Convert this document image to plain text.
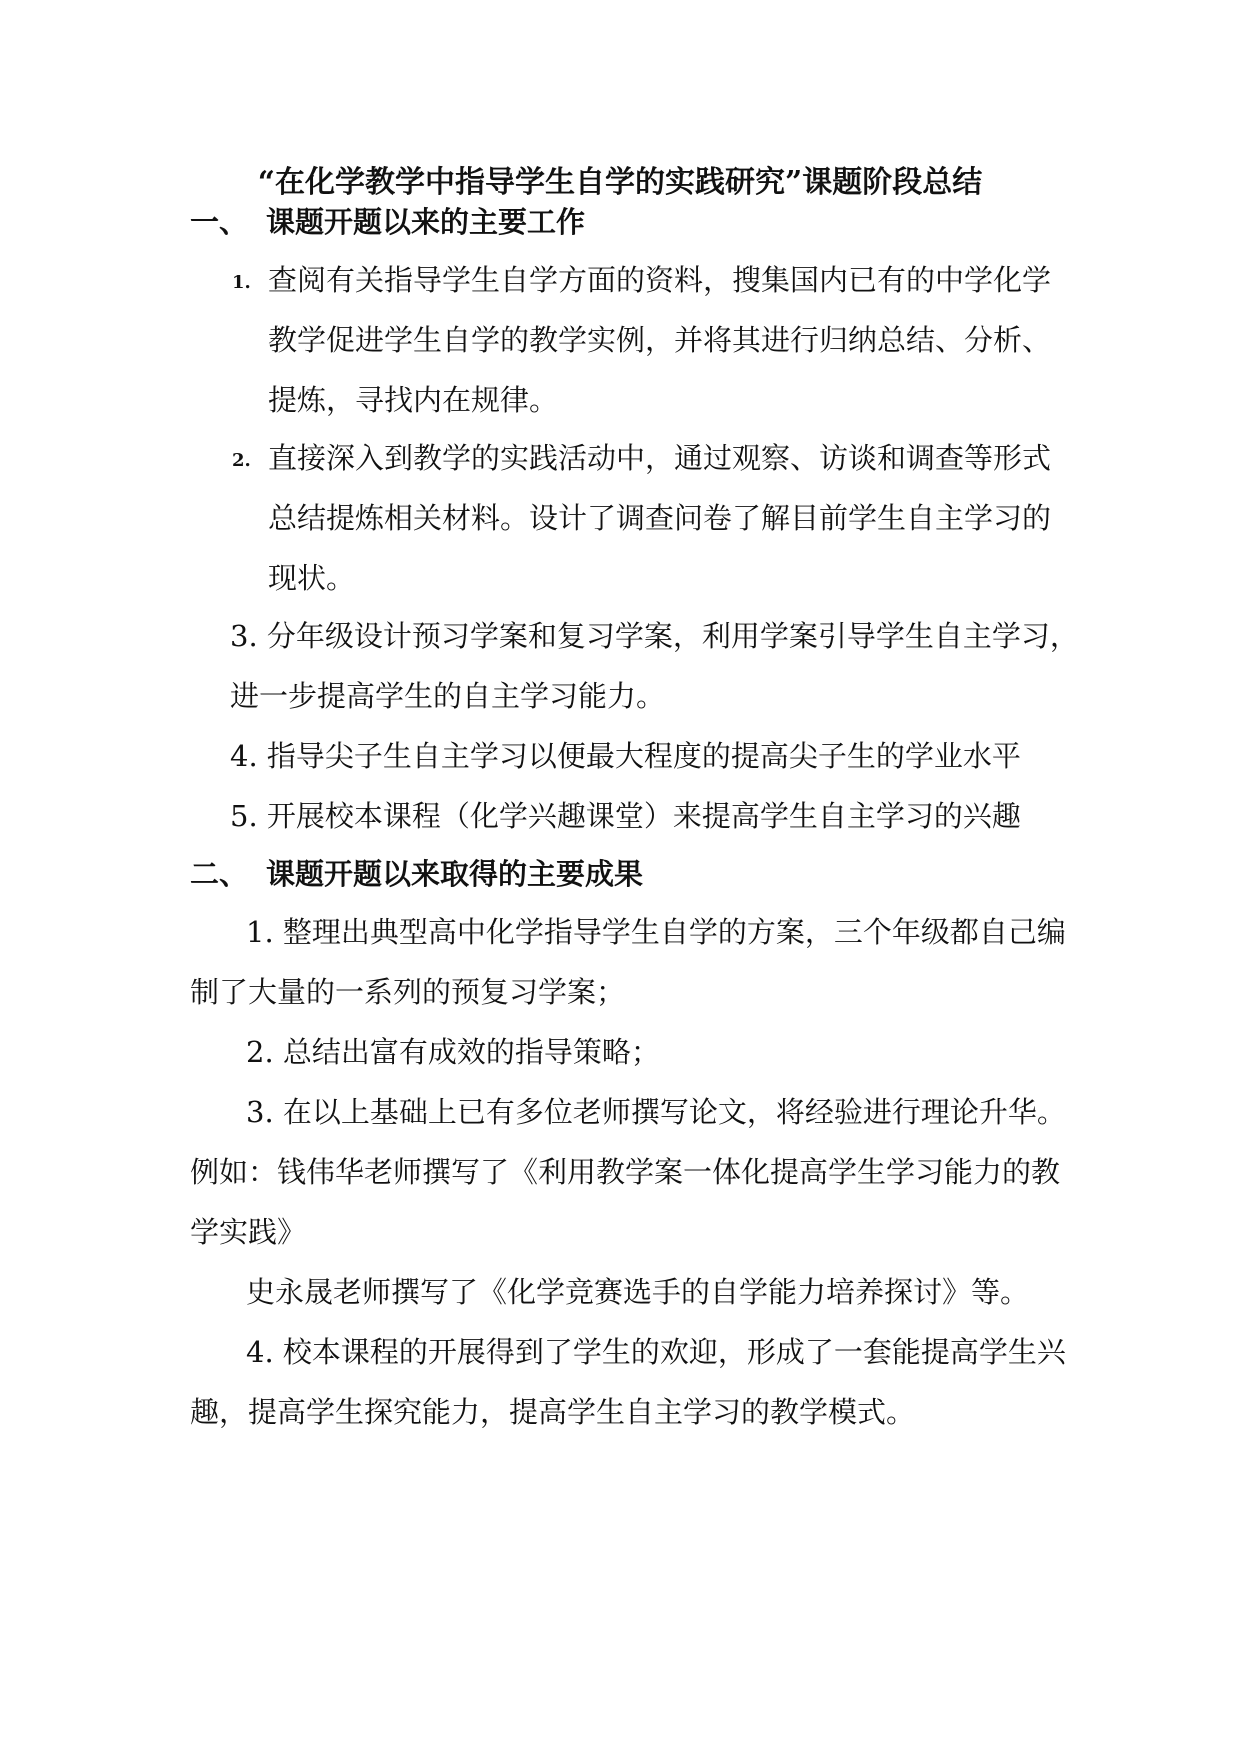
“在化学教学中指导学生自学的实践研究”课题阶段总结
一、 课题开题以来的主要工作
1. 查阅有关指导学生自学方面的资料，搜集国内已有的中学化学
教学促进学生自学的教学实例，并将其进行归纳总结、分析、
提炼，寻找内在规律。
2. 直接深入到教学的实践活动中，通过观察、访谈和调查等形式
总结提炼相关材料。设计了调查问卷了解目前学生自主学习的
现状。
3. 分年级设计预习学案和复习学案，利用学案引导学生自主学习，
进一步提高学生的自主学习能力。
4. 指导尖子生自主学习以便最大程度的提高尖子生的学业水平
5. 开展校本课程（化学兴趣课堂）来提高学生自主学习的兴趣
二、 课题开题以来取得的主要成果
1. 整理出典型高中化学指导学生自学的方案，三个年级都自己编
制了大量的一系列的预复习学案；
2. 总结出富有成效的指导策略；
3. 在以上基础上已有多位老师撰写论文，将经验进行理论升华。
例如：钱伟华老师撰写了《利用教学案一体化提高学生学习能力的教
学实践》
史永晟老师撰写了《化学竞赛选手的自学能力培养探讨》等。
4. 校本课程的开展得到了学生的欢迎，形成了一套能提高学生兴
趣，提高学生探究能力，提高学生自主学习的教学模式。
